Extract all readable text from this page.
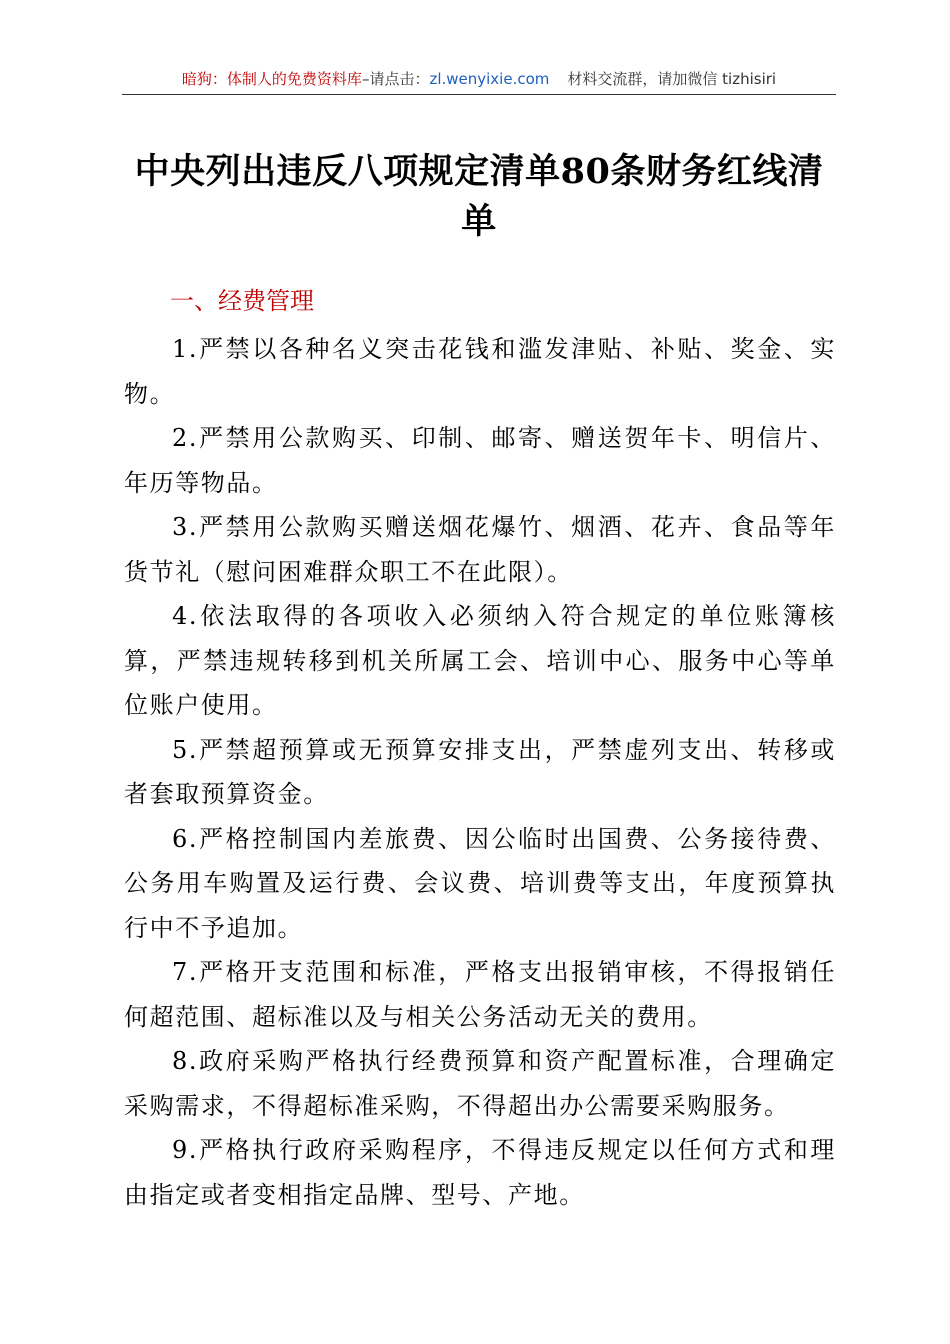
暗狗：体制人的免费资料库–请点击：zl.wenyixie.com 材料交流群，请加微信 tizhisiri
中央列出违反八项规定清单80条财务红线清单
一、经费管理

1.严禁以各种名义突击花钱和滥发津贴、补贴、奖金、实物。

2.严禁用公款购买、印制、邮寄、赠送贺年卡、明信片、年历等物品。

3.严禁用公款购买赠送烟花爆竹、烟酒、花卉、食品等年货节礼（慰问困难群众职工不在此限）。

4.依法取得的各项收入必须纳入符合规定的单位账簿核算，严禁违规转移到机关所属工会、培训中心、服务中心等单位账户使用。

5.严禁超预算或无预算安排支出，严禁虚列支出、转移或者套取预算资金。

6.严格控制国内差旅费、因公临时出国费、公务接待费、公务用车购置及运行费、会议费、培训费等支出，年度预算执行中不予追加。

7.严格开支范围和标准，严格支出报销审核，不得报销任何超范围、超标准以及与相关公务活动无关的费用。

8.政府采购严格执行经费预算和资产配置标准，合理确定采购需求，不得超标准采购，不得超出办公需要采购服务。

9.严格执行政府采购程序，不得违反规定以任何方式和理由指定或者变相指定品牌、型号、产地。
